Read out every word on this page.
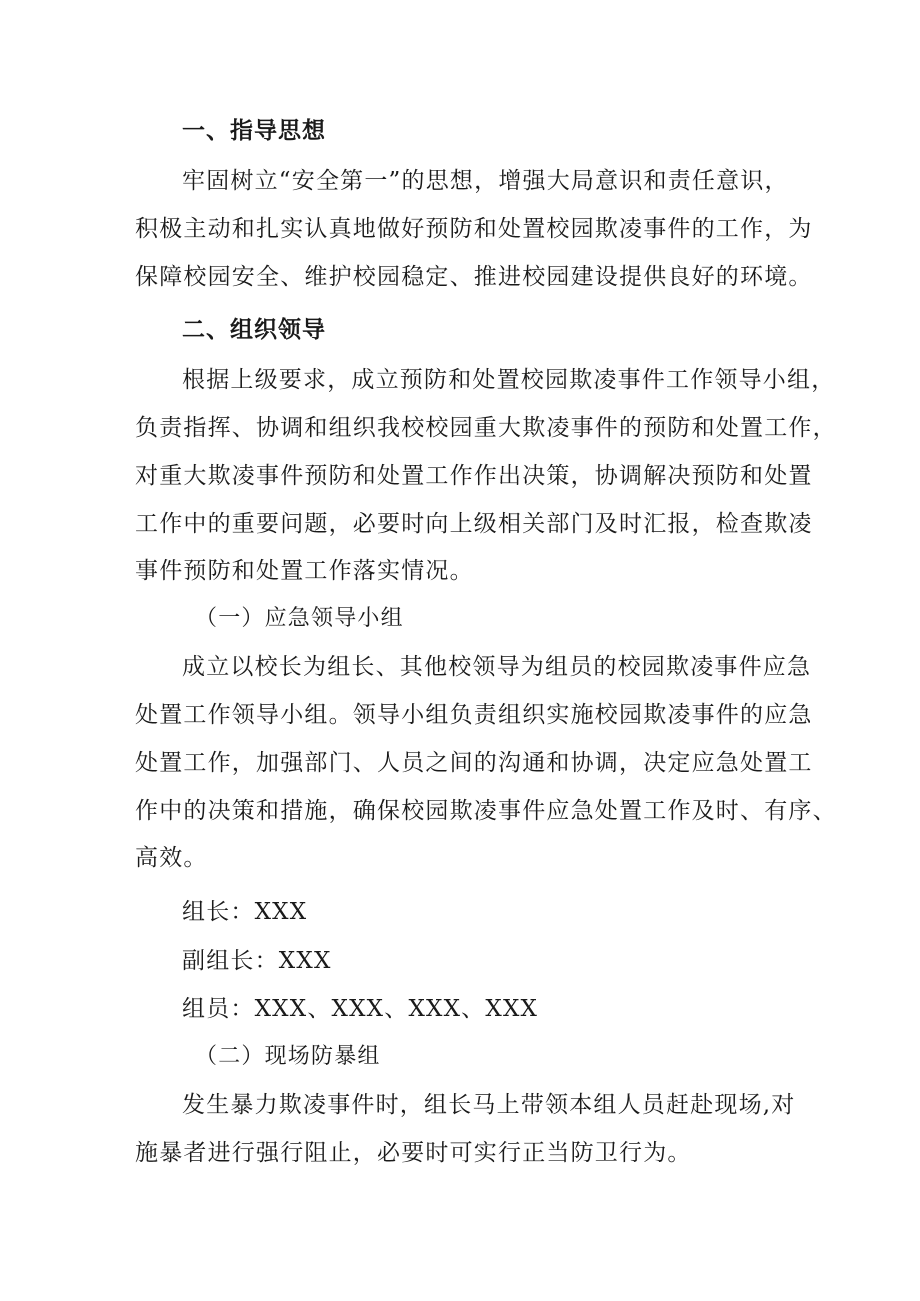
一、指导思想
牢固树立“安全第一”的思想，增强大局意识和责任意识，
积极主动和扎实认真地做好预防和处置校园欺凌事件的工作，为
保障校园安全、维护校园稳定、推进校园建设提供良好的环境。
二、组织领导
根据上级要求，成立预防和处置校园欺凌事件工作领导小组，
负责指挥、协调和组织我校校园重大欺凌事件的预防和处置工作，
对重大欺凌事件预防和处置工作作出决策，协调解决预防和处置
工作中的重要问题，必要时向上级相关部门及时汇报，检查欺凌
事件预防和处置工作落实情况。
（一）应急领导小组
成立以校长为组长、其他校领导为组员的校园欺凌事件应急
处置工作领导小组。领导小组负责组织实施校园欺凌事件的应急
处置工作，加强部门、人员之间的沟通和协调，决定应急处置工
作中的决策和措施，确保校园欺凌事件应急处置工作及时、有序、
高效。
组长：XXX
副组长：XXX
组员：XXX、XXX、XXX、XXX
（二）现场防暴组
发生暴力欺凌事件时，组长马上带领本组人员赶赴现场,对
施暴者进行强行阻止，必要时可实行正当防卫行为。
